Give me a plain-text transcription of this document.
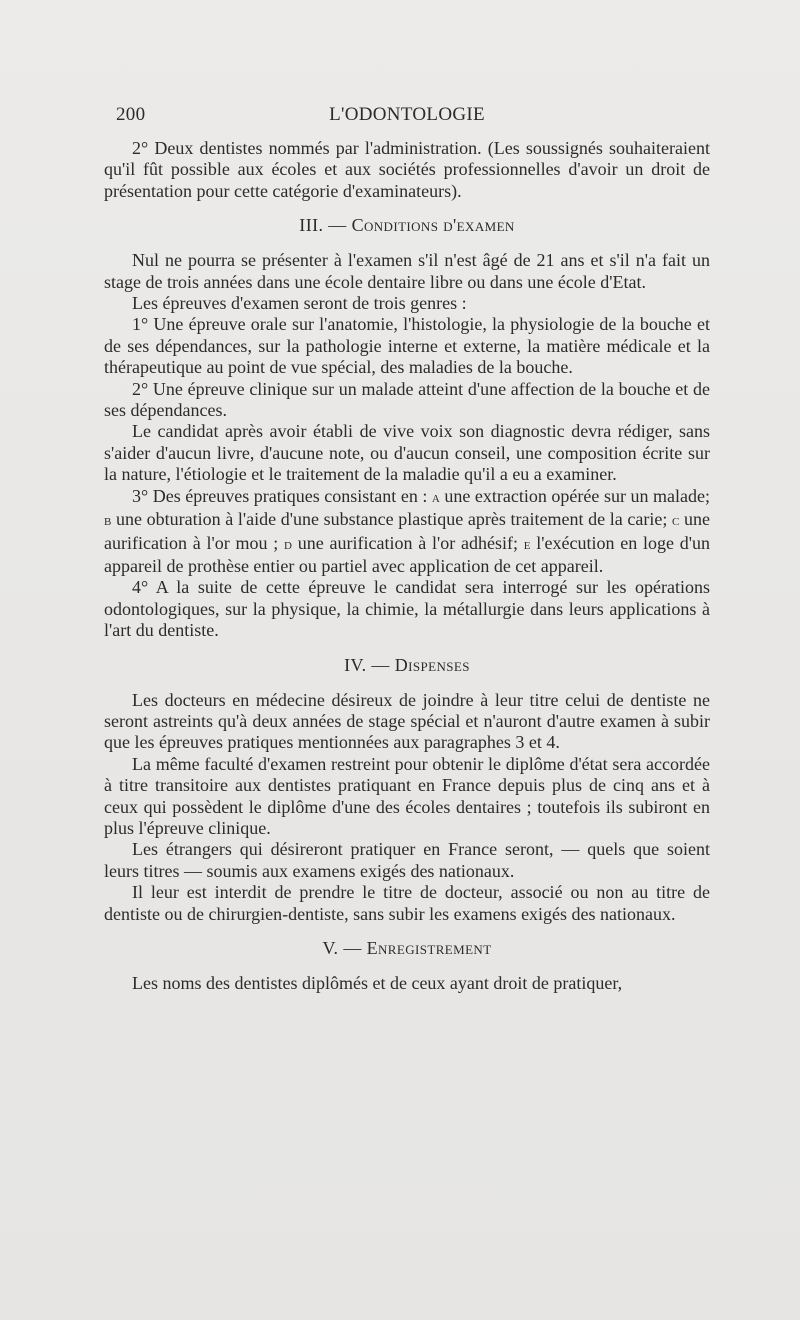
200	L'ODONTOLOGIE

2° Deux dentistes nommés par l'administration. (Les soussignés souhaiteraient qu'il fût possible aux écoles et aux sociétés professionnelles d'avoir un droit de présentation pour cette catégorie d'examinateurs).

III. — Conditions d'examen

Nul ne pourra se présenter à l'examen s'il n'est âgé de 21 ans et s'il n'a fait un stage de trois années dans une école dentaire libre ou dans une école d'Etat.

Les épreuves d'examen seront de trois genres :

1° Une épreuve orale sur l'anatomie, l'histologie, la physiologie de la bouche et de ses dépendances, sur la pathologie interne et externe, la matière médicale et la thérapeutique au point de vue spécial, des maladies de la bouche.

2° Une épreuve clinique sur un malade atteint d'une affection de la bouche et de ses dépendances.

Le candidat après avoir établi de vive voix son diagnostic devra rédiger, sans s'aider d'aucun livre, d'aucune note, ou d'aucun conseil, une composition écrite sur la nature, l'étiologie et le traitement de la maladie qu'il a eu a examiner.

3° Des épreuves pratiques consistant en : a une extraction opérée sur un malade; b une obturation à l'aide d'une substance plastique après traitement de la carie; c une aurification à l'or mou ; d une aurification à l'or adhésif; e l'exécution en loge d'un appareil de prothèse entier ou partiel avec application de cet appareil.

4° A la suite de cette épreuve le candidat sera interrogé sur les opérations odontologiques, sur la physique, la chimie, la métallurgie dans leurs applications à l'art du dentiste.

IV. — Dispenses

Les docteurs en médecine désireux de joindre à leur titre celui de dentiste ne seront astreints qu'à deux années de stage spécial et n'auront d'autre examen à subir que les épreuves pratiques mentionnées aux paragraphes 3 et 4.

La même faculté d'examen restreint pour obtenir le diplôme d'état sera accordée à titre transitoire aux dentistes pratiquant en France depuis plus de cinq ans et à ceux qui possèdent le diplôme d'une des écoles dentaires ; toutefois ils subiront en plus l'épreuve clinique.

Les étrangers qui désireront pratiquer en France seront, — quels que soient leurs titres — soumis aux examens exigés des nationaux.

Il leur est interdit de prendre le titre de docteur, associé ou non au titre de dentiste ou de chirurgien-dentiste, sans subir les examens exigés des nationaux.

V. — Enregistrement

Les noms des dentistes diplômés et de ceux ayant droit de pratiquer,
